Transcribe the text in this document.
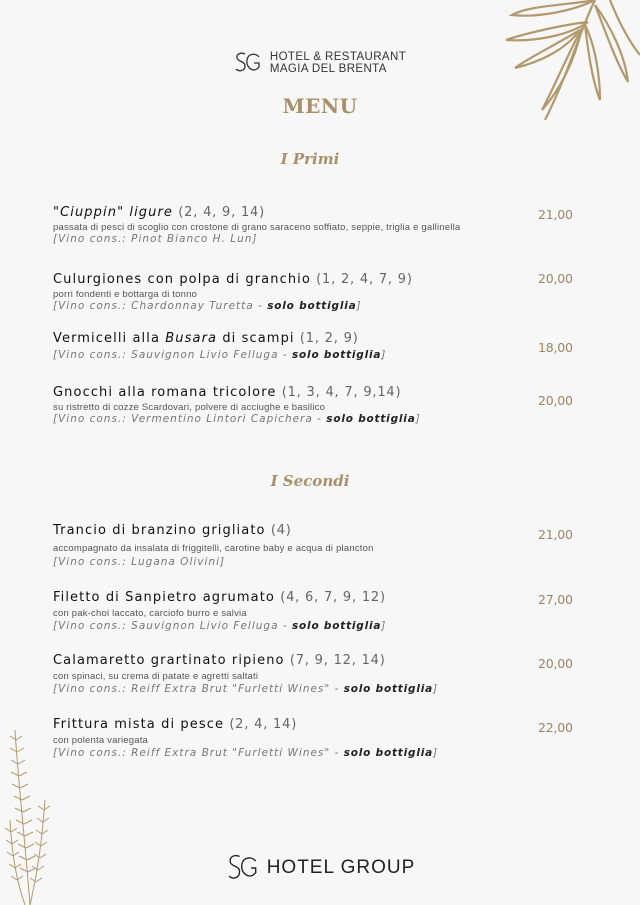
HOTEL & RESTAURANT
MAGIA DEL BRENTA
MENU
I Primi
"Ciuppin" ligure (2, 4, 9, 14)
passata di pesci di scoglio con crostone di grano saraceno soffiato, seppie, triglia e gallinella
[Vino cons.: Pinot Bianco H. Lun]
21,00
Culurgiones con polpa di granchio (1, 2, 4, 7, 9)
porri fondenti e bottarga di tonno
[Vino cons.: Chardonnay Turetta - solo bottiglia]
20,00
Vermicelli alla Busara di scampi (1, 2, 9)
[Vino cons.: Sauvignon Livio Felluga - solo bottiglia]	18,00
Gnocchi alla romana tricolore (1, 3, 4, 7, 9,14)
su ristretto di cozze Scardovari, polvere di acciughe e basilico
[Vino cons.: Vermentino Lintori Capichera - solo bottiglia]
20,00
I Secondi
Trancio di branzino grigliato (4)
accompagnato da insalata di friggitelli, carotine baby e acqua di plancton
[Vino cons.: Lugana Olivini]
21,00
Filetto di Sanpietro agrumato (4, 6, 7, 9, 12)
con pak-choi laccato, carciofo burro e salvia
[Vino cons.: Sauvignon Livio Felluga - solo bottiglia]
27,00
Calamaretto grartinato ripieno (7, 9, 12, 14)
con spinaci, su crema di patate e agretti saltati
[Vino cons.: Reiff Extra Brut "Furletti Wines" - solo bottiglia]
20,00
Frittura mista di pesce (2, 4, 14)
con polenta variegata
[Vino cons.: Reiff Extra Brut "Furletti Wines" - solo bottiglia]
22,00
HOTEL GROUP
